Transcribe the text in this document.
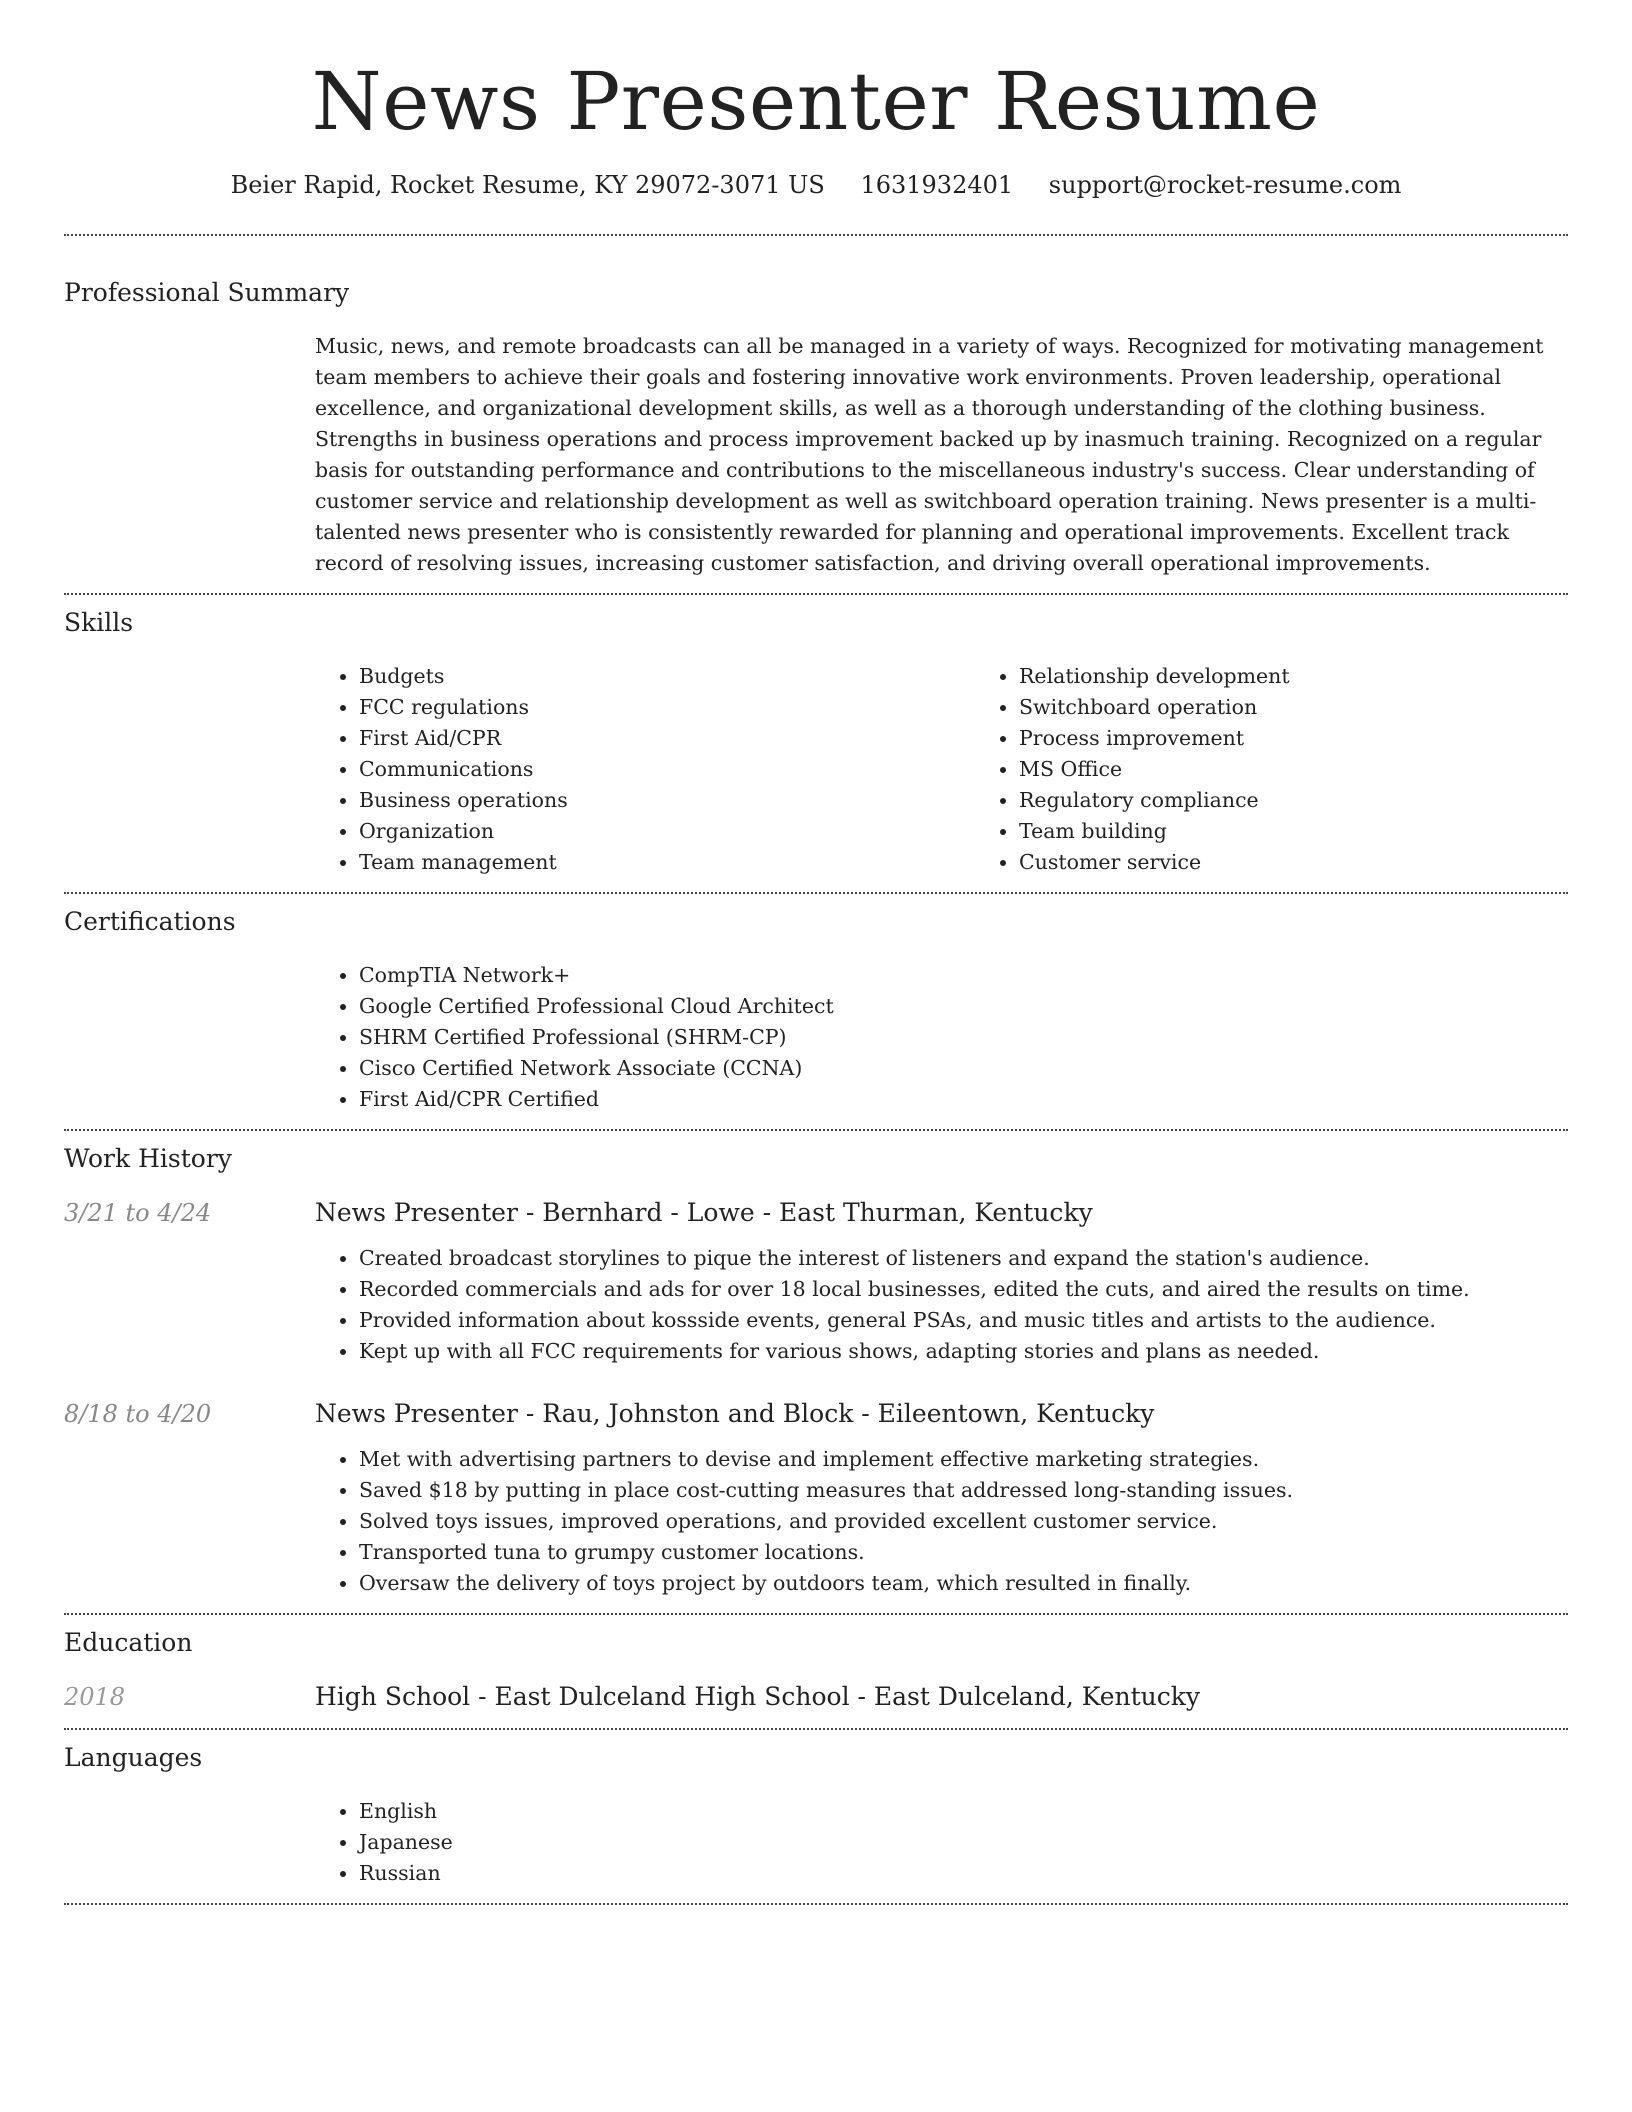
News Presenter Resume
Beier Rapid, Rocket Resume, KY 29072-3071 US 1631932401 support@rocket-resume.com
Professional Summary

Music, news, and remote broadcasts can all be managed in a variety of ways. Recognized for motivating management team members to achieve their goals and fostering innovative work environments. Proven leadership, operational excellence, and organizational development skills, as well as a thorough understanding of the clothing business. Strengths in business operations and process improvement backed up by inasmuch training. Recognized on a regular basis for outstanding performance and contributions to the miscellaneous industry's success. Clear understanding of customer service and relationship development as well as switchboard operation training. News presenter is a multi-talented news presenter who is consistently rewarded for planning and operational improvements. Excellent track record of resolving issues, increasing customer satisfaction, and driving overall operational improvements.

Skills
• Budgets
• FCC regulations
• First Aid/CPR
• Communications
• Business operations
• Organization
• Team management
• Relationship development
• Switchboard operation
• Process improvement
• MS Office
• Regulatory compliance
• Team building
• Customer service
Certifications
• CompTIA Network+
• Google Certified Professional Cloud Architect
• SHRM Certified Professional (SHRM-CP)
• Cisco Certified Network Associate (CCNA)
• First Aid/CPR Certified
Work History
3/21 to 4/24	News Presenter - Bernhard - Lowe - East Thurman, Kentucky
• Created broadcast storylines to pique the interest of listeners and expand the station's audience.
• Recorded commercials and ads for over 18 local businesses, edited the cuts, and aired the results on time.
• Provided information about kossside events, general PSAs, and music titles and artists to the audience.
• Kept up with all FCC requirements for various shows, adapting stories and plans as needed.
8/18 to 4/20	News Presenter - Rau, Johnston and Block - Eileentown, Kentucky
• Met with advertising partners to devise and implement effective marketing strategies.
• Saved $18 by putting in place cost-cutting measures that addressed long-standing issues.
• Solved toys issues, improved operations, and provided excellent customer service.
• Transported tuna to grumpy customer locations.
• Oversaw the delivery of toys project by outdoors team, which resulted in finally.
Education
2018	High School - East Dulceland High School - East Dulceland, Kentucky
Languages
• English
• Japanese
• Russian
